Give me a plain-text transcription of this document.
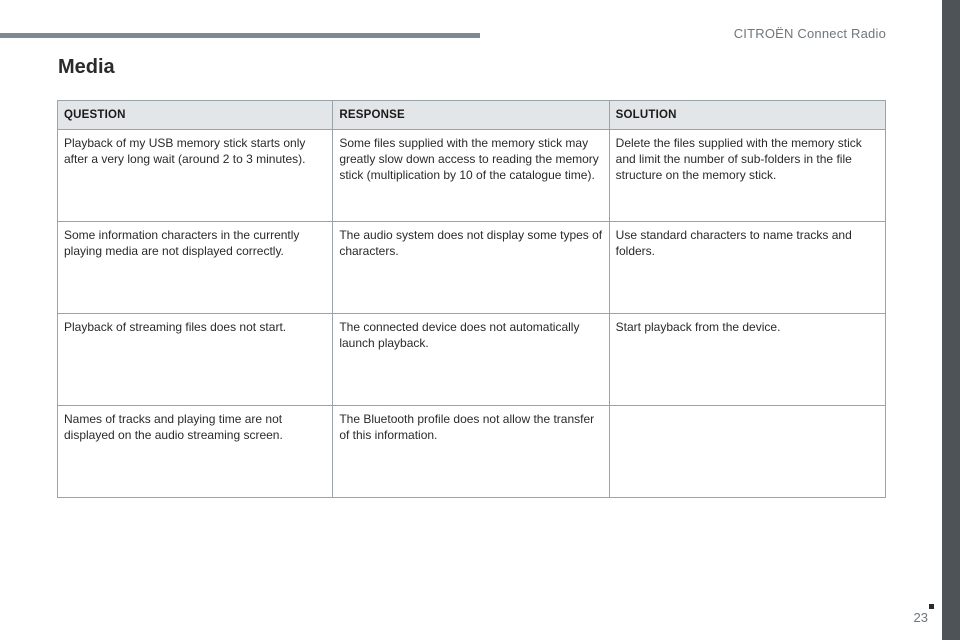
CITROËN Connect Radio
Media
QUESTION	RESPONSE	SOLUTION
Playback of my USB memory stick starts only after a very long wait (around 2 to 3 minutes).	Some files supplied with the memory stick may greatly slow down access to reading the memory stick (multiplication by 10 of the catalogue time).	Delete the files supplied with the memory stick and limit the number of sub-folders in the file structure on the memory stick.
Some information characters in the currently playing media are not displayed correctly.	The audio system does not display some types of characters.	Use standard characters to name tracks and folders.
Playback of streaming files does not start.	The connected device does not automatically launch playback.	Start playback from the device.
Names of tracks and playing time are not displayed on the audio streaming screen.	The Bluetooth profile does not allow the transfer of this information.	
23
